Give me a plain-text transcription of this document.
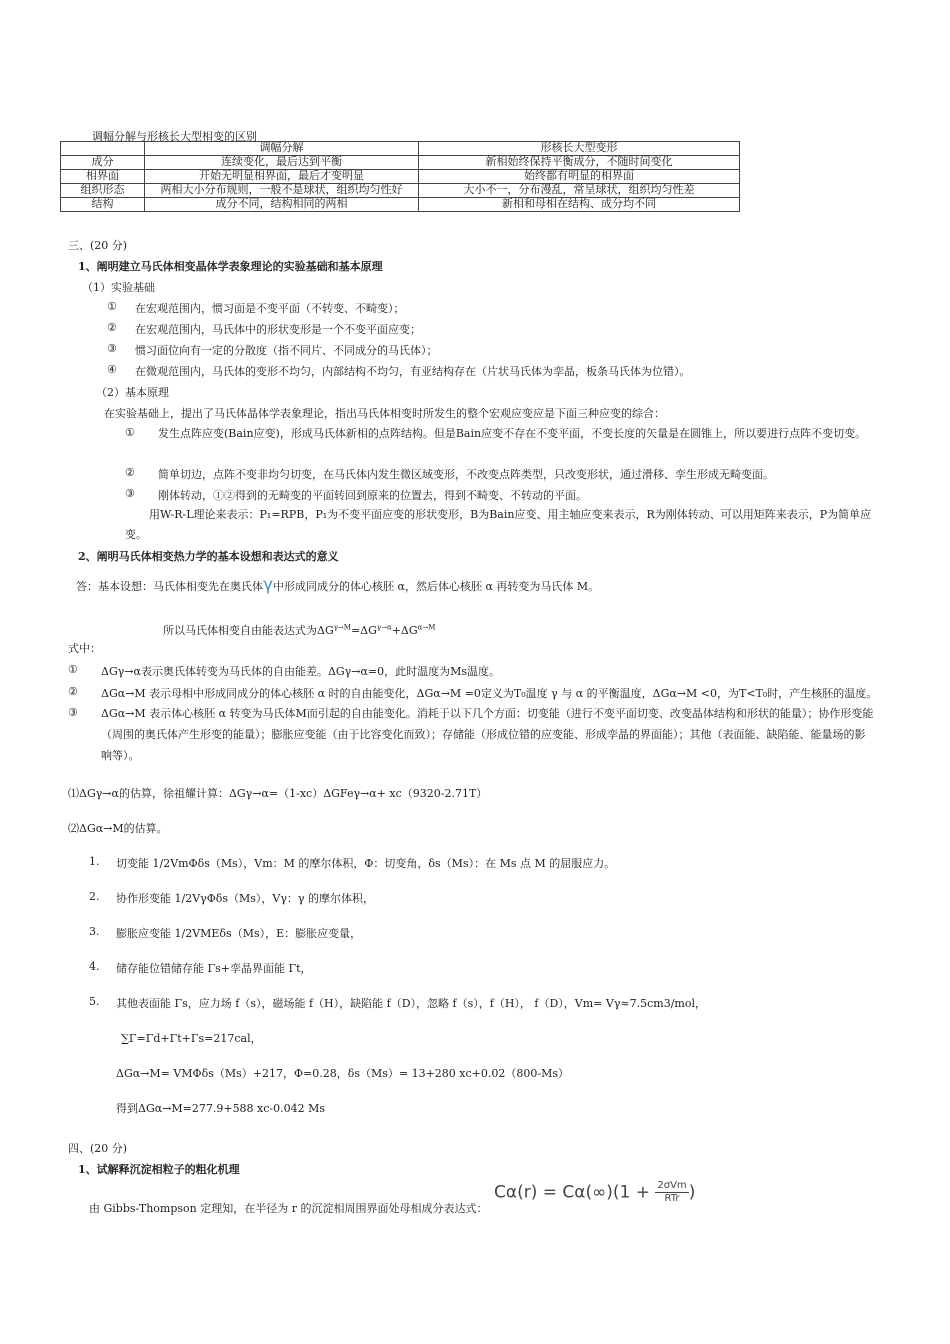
调幅分解与形核长大型相变的区别
	调幅分解	形核长大型变形
成分	连续变化，最后达到平衡	新相始终保持平衡成分，不随时间变化
相界面	开始无明显相界面，最后才变明显	始终都有明显的相界面
组织形态	两相大小分布规则，一般不是球状，组织均匀性好	大小不一，分布漫乱，常呈球状，组织均匀性差
结构	成分不同，结构相同的两相	新相和母相在结构、成分均不同
三、(20 分)
1、阐明建立马氏体相变晶体学表象理论的实验基础和基本原理
（1）实验基础
① 在宏观范围内，惯习面是不变平面（不转变、不畸变）；
② 在宏观范围内，马氏体中的形状变形是一个不变平面应变；
③ 惯习面位向有一定的分散度（指不同片、不同成分的马氏体）；
④ 在微观范围内，马氏体的变形不均匀，内部结构不均匀，有亚结构存在（片状马氏体为孪晶，板条马氏体为位错）。
（2）基本原理
在实验基础上，提出了马氏体晶体学表象理论，指出马氏体相变时所发生的整个宏观应变应是下面三种应变的综合：
① 发生点阵应变(Bain应变)，形成马氏体新相的点阵结构。但是Bain应变不存在不变平面，不变长度的矢量是在圆锥上，所以要进行点阵不变切变。
② 简单切边，点阵不变非均匀切变，在马氏体内发生微区域变形，不改变点阵类型，只改变形状，通过滑移、孪生形成无畸变面。
③ 刚体转动，①②得到的无畸变的平面转回到原来的位置去，得到不畸变、不转动的平面。
用W-R-L理论来表示：P₁=RPB，P₁为不变平面应变的形状变形，B为Bain应变、用主轴应变来表示，R为刚体转动、可以用矩阵来表示，P为简单应变。
2、阐明马氏体相变热力学的基本设想和表达式的意义
答：基本设想：马氏体相变先在奥氏体γ中形成同成分的体心核胚 α，然后体心核胚 α 再转变为马氏体 M。
所以马氏体相变自由能表达式为$\Delta G^{\gamma\to M}=\Delta G^{\gamma\to\alpha}+\Delta G^{\alpha\to M}$
式中：
① ΔGγ→α表示奥氏体转变为马氏体的自由能差。ΔGγ→α=0，此时温度为Ms温度。
② ΔGα→M 表示母相中形成同成分的体心核胚 α 时的自由能变化，ΔGα→M =0定义为T₀温度 γ 与 α 的平衡温度，ΔGα→M <0，为T<T₀时，产生核胚的温度。
③ ΔGα→M 表示体心核胚 α 转变为马氏体M而引起的自由能变化。消耗于以下几个方面：切变能（进行不变平面切变、改变晶体结构和形状的能量）；协作形变能（周围的奥氏体产生形变的能量）；膨胀应变能（由于比容变化而致）；存储能（形成位错的应变能、形成孪晶的界面能）；其他（表面能、缺陷能、能量场的影响等）。
⑴ΔGγ→α的估算，徐祖耀计算：ΔGγ→α=（1-xc）ΔGFeγ→α+ xc（9320-2.71T）
⑵ΔGα→M的估算。
1. 切变能 1/2VmΦδs（Ms），Vm：M 的摩尔体积，Φ：切变角，δs（Ms）：在 Ms 点 M 的屈服应力。
2. 协作形变能 1/2VγΦδs（Ms），Vγ：γ 的摩尔体积，
3. 膨胀应变能 1/2VMEδs（Ms），E：膨胀应变量，
4. 储存能位错储存能 Γs+孪晶界面能 Γt，
5. 其他表面能 Γs，应力场 f（s），磁场能 f（H），缺陷能 f（D），忽略 f（s），f（H）， f（D），Vm= Vγ≈7.5cm3/mol，
∑Γ=Γd+Γt+Γs=217cal，
ΔGα→M= VMΦδs（Ms）+217，Φ=0.28，δs（Ms）= 13+280 xc+0.02（800-Ms）
得到ΔGα→M=277.9+588 xc-0.042 Ms
四、(20 分)
1、试解释沉淀相粒子的粗化机理
由 Gibbs-Thompson 定理知，在半径为 r 的沉淀相周围界面处母相成分表达式：
$C\alpha(r) = C\alpha(\infty)(1 + \frac{\text{2σVm}}{\text{RTr}}$ )
